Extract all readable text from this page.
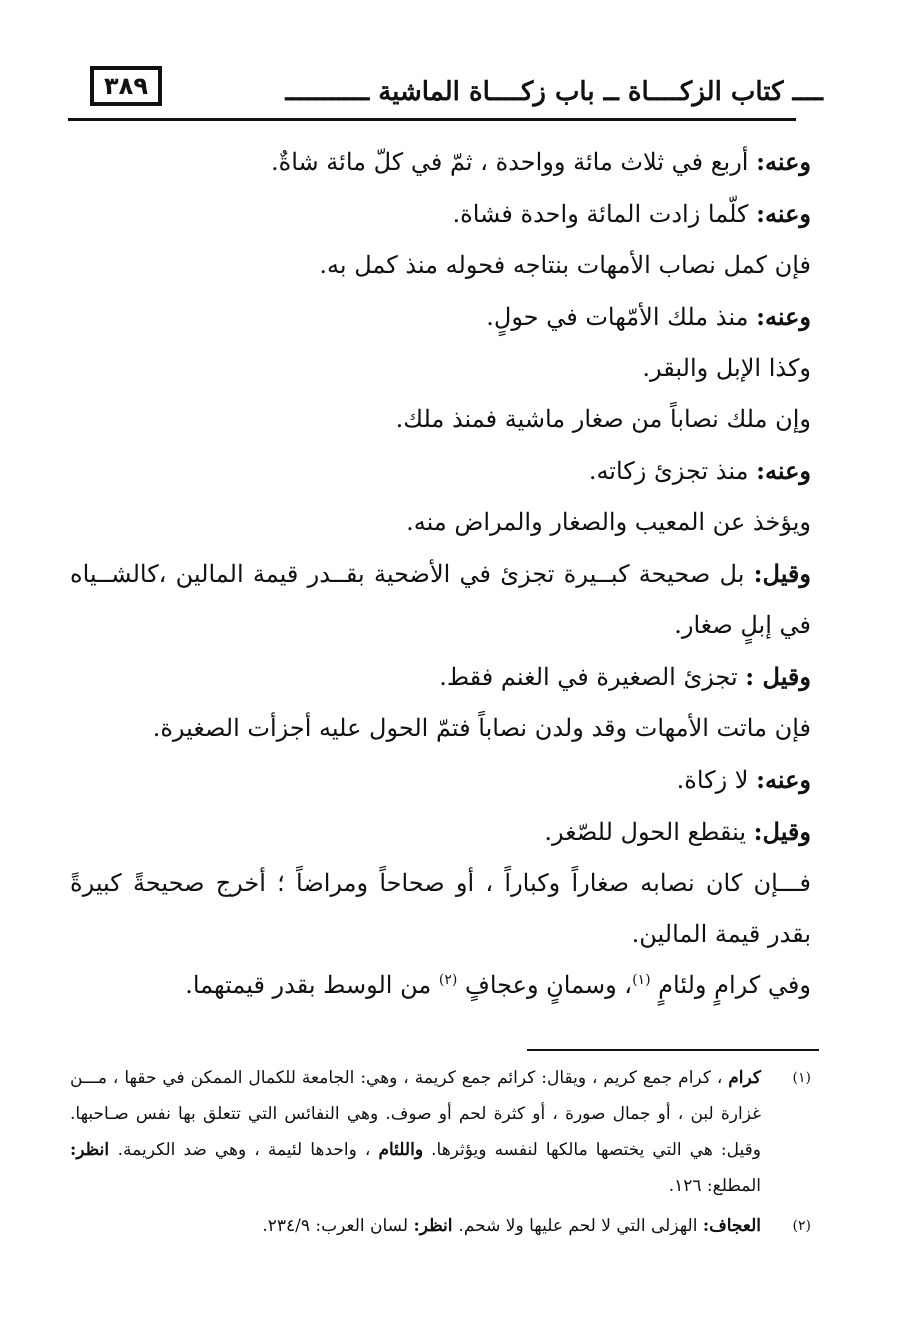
٣٨٩	ــــ كتاب الزكــــاة ــ باب زكــــاة الماشية ـــــــــــ

وعنه: أربع في ثلاث مائة وواحدة ، ثمّ في كلّ مائة شاةٌ.

وعنه: كلّما زادت المائة واحدة فشاة.

فإن كمل نصاب الأمهات بنتاجه فحوله منذ كمل به.

وعنه: منذ ملك الأمّهات في حولٍ.

وكذا الإبل والبقر.

وإن ملك نصاباً من صغار ماشية فمنذ ملك.

وعنه: منذ تجزئ زكاته.

ويؤخذ عن المعيب والصغار والمراض منه.

وقيل: بل صحيحة كبــيرة تجزئ في الأضحية بقــدر قيمة المالين ،كالشــياه في إبلٍ صغار.

وقيل : تجزئ الصغيرة في الغنم فقط.

فإن ماتت الأمهات وقد ولدن نصاباً فتمّ الحول عليه أجزأت الصغيرة.

وعنه: لا زكاة.

وقيل: ينقطع الحول للصّغر.

فـــإن كان نصابه صغاراً وكباراً ، أو صحاحاً ومراضاً ؛ أخرج صحيحةً كبيرةً بقدر قيمة المالين.

وفي كرامٍ ولئامٍ $^{(١)}$، وسمانٍ وعجافٍ $^{(٢)}$ من الوسط بقدر قيمتهما.

(١)
كرام ، كرام جمع كريم ، ويقال: كرائم جمع كريمة ، وهي: الجامعة للكمال الممكن في حقها ، مـــن غزارة لبن ، أو جمال صورة ، أو كثرة لحم أو صوف. وهي النفائس التي تتعلق بها نفس صـاحبها. وقيل: هي التي يختصها مالكها لنفسه ويؤثرها. واللئام ، واحدها لئيمة ، وهي ضد الكريمة. انظر: المطلع: ١٢٦.

(٢)
العجاف: الهزلى التي لا لحم عليها ولا شحم. انظر: لسان العرب: ٢٣٤/٩.
